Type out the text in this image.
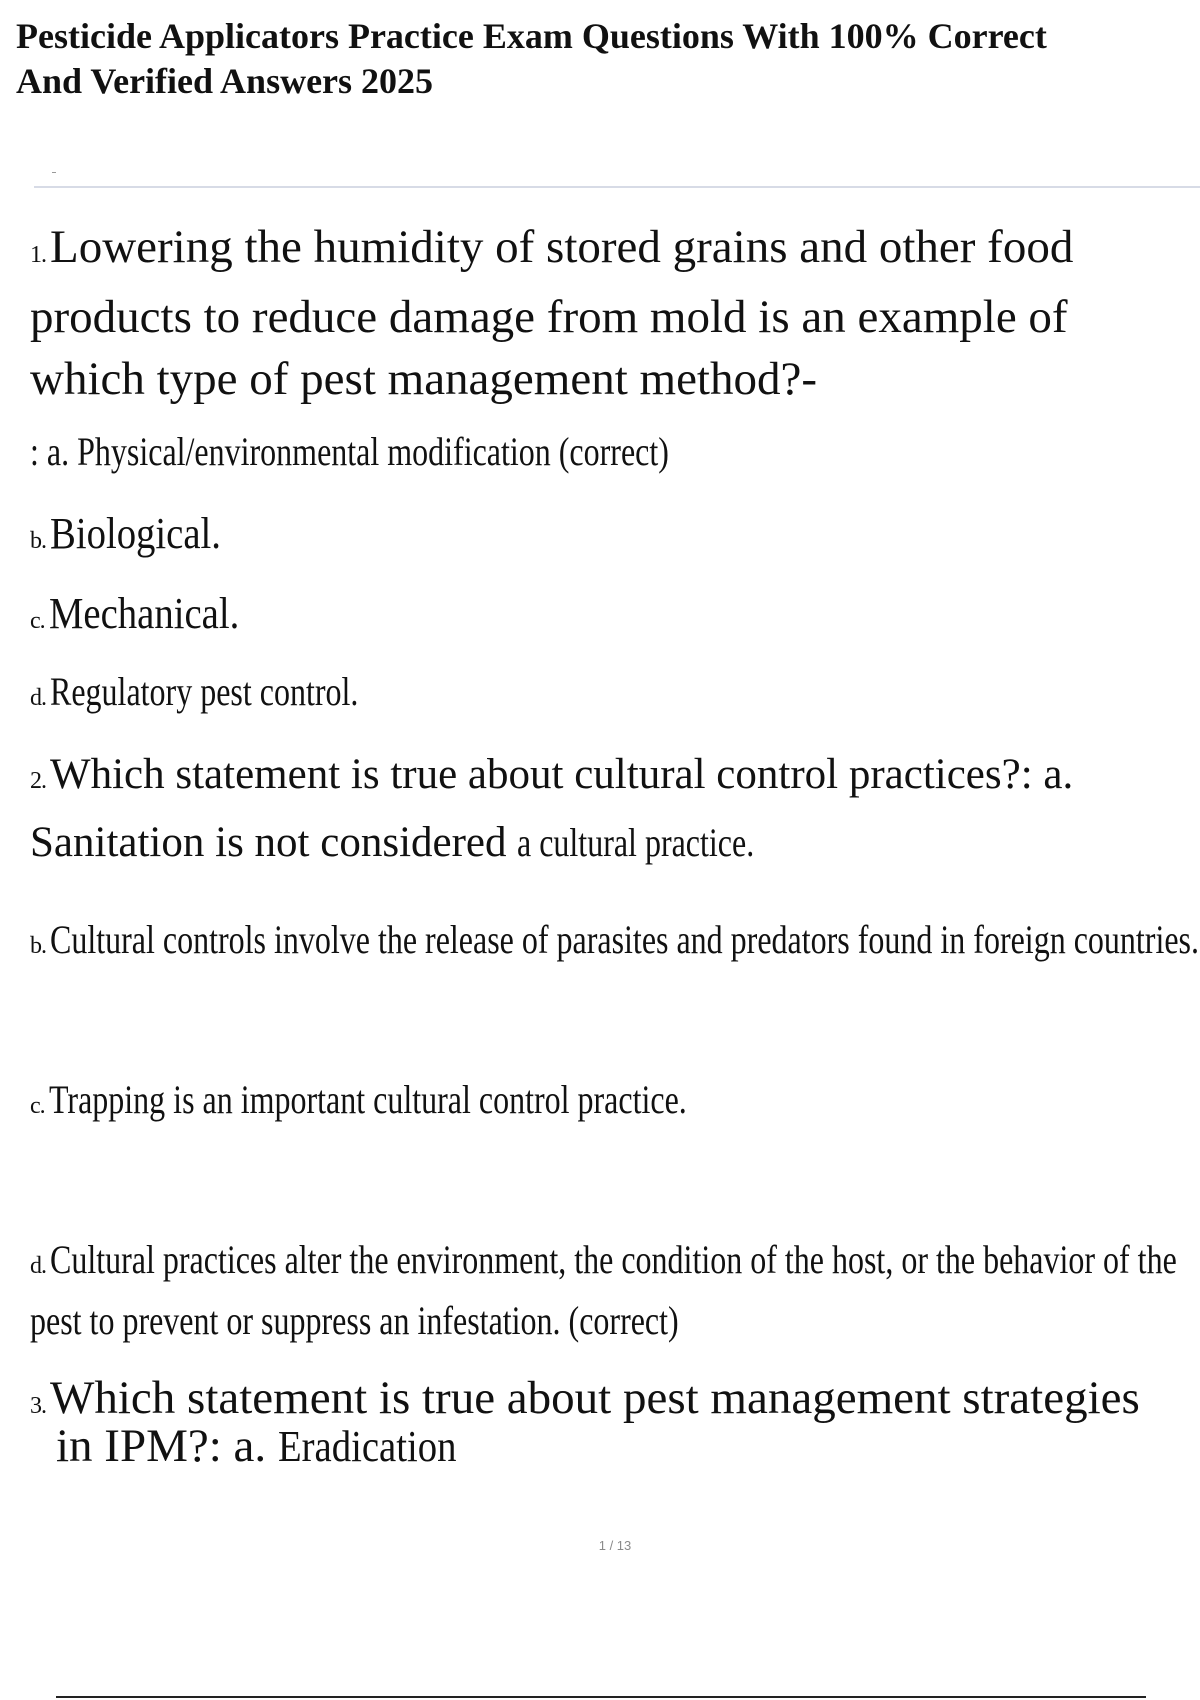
Pesticide Applicators Practice Exam Questions With 100% Correct
And Verified Answers 2025
1.Lowering the humidity of stored grains and other food
products to reduce damage from mold is an example of
which type of pest management method?-
: a. Physical/environmental modification (correct)
b.Biological.
c.Mechanical.
d. Regulatory pest control.
2.Which statement is true about cultural control practices?: a.
Sanitation is not considered a cultural practice.
b. Cultural controls involve the release of parasites and predators found in foreign countries.
c. Trapping is an important cultural control practice.
d. Cultural practices alter the environment, the condition of the host, or the behavior of the
pest to prevent or suppress an infestation. (correct)
3.Which statement is true about pest management strategies
in IPM?: a. Eradication
1 / 13
